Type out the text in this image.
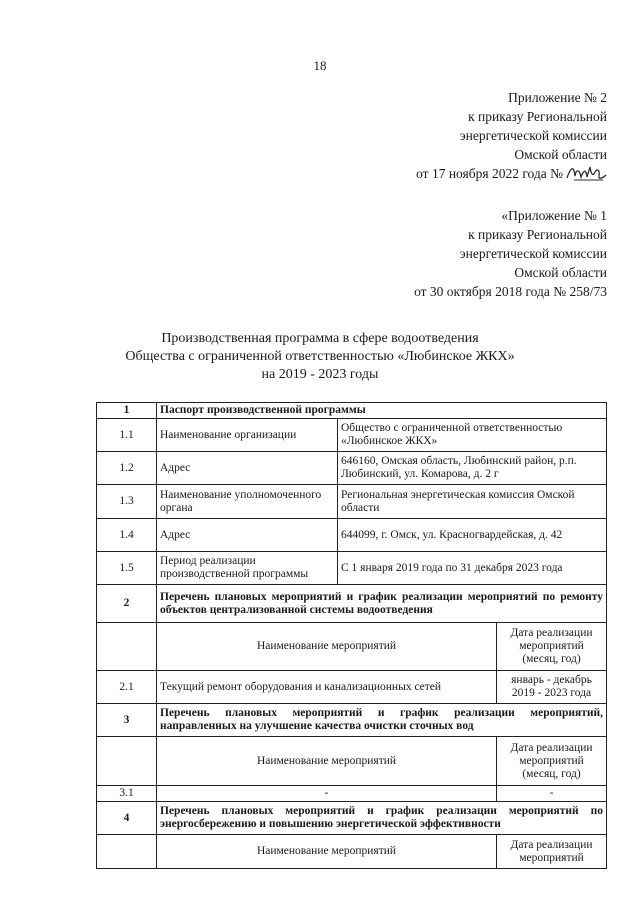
18
Приложение № 2
к приказу Региональной
энергетической комиссии
Омской области
от 17 ноября 2022 года №
«Приложение № 1
к приказу Региональной
энергетической комиссии
Омской области
от 30 октября 2018 года № 258/73
Производственная программа в сфере водоотведения
Общества с ограниченной ответственностью «Любинское ЖКХ»
на 2019 - 2023 годы
1	Паспорт производственной программы		
1.1	Наименование организации	Общество с ограниченной ответственностью «Любинское ЖКХ»	
1.2	Адрес	646160, Омская область, Любинский район, р.п. Любинский, ул. Комарова, д. 2 г	
1.3	Наименование уполномоченного органа	Региональная энергетическая комиссия Омской области	
1.4	Адрес	644099, г. Омск, ул. Красногвардейская, д. 42	
1.5	Период реализации производственной программы	С 1 января 2019 года по 31 декабря 2023 года	
2	Перечень плановых мероприятий и график реализации мероприятий по ремонту объектов централизованной системы водоотведения		
	Наименование мероприятий		Дата реализации мероприятий (месяц, год)
2.1	Текущий ремонт оборудования и канализационных сетей		январь - декабрь 2019 - 2023 года
3	Перечень плановых мероприятий и график реализации мероприятий, направленных на улучшение качества очистки сточных вод		
	Наименование мероприятий		Дата реализации мероприятий (месяц, год)
3.1	-		-
4	Перечень плановых мероприятий и график реализации мероприятий по энергосбережению и повышению энергетической эффективности		
	Наименование мероприятий		Дата реализации мероприятий
